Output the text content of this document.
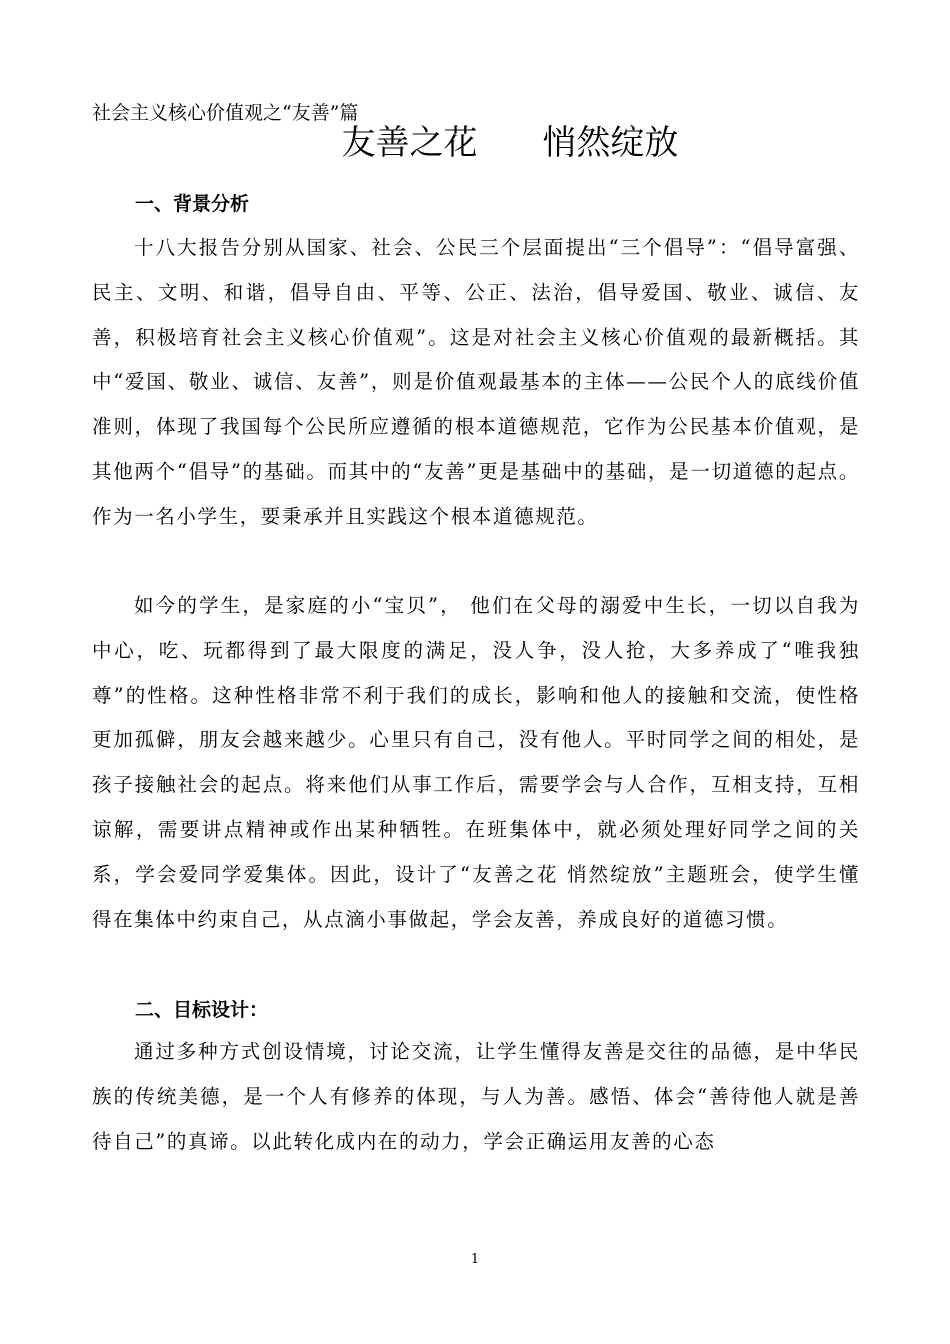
社会主义核心价值观之“友善”篇
友善之花      悄然绽放
一、背景分析

十八大报告分别从国家、社会、公民三个层面提出“三个倡导”：“倡导富强、民主、文明、和谐，倡导自由、平等、公正、法治，倡导爱国、敬业、诚信、友善，积极培育社会主义核心价值观”。这是对社会主义核心价值观的最新概括。其中“爱国、敬业、诚信、友善”，则是价值观最基本的主体——公民个人的底线价值准则，体现了我国每个公民所应遵循的根本道德规范，它作为公民基本价值观，是其他两个“倡导”的基础。而其中的“友善”更是基础中的基础，是一切道德的起点。作为一名小学生，要秉承并且实践这个根本道德规范。

如今的学生，是家庭的小“宝贝”， 他们在父母的溺爱中生长，一切以自我为中心，吃、玩都得到了最大限度的满足，没人争，没人抢，大多养成了“唯我独尊”的性格。这种性格非常不利于我们的成长，影响和他人的接触和交流，使性格更加孤僻，朋友会越来越少。心里只有自己，没有他人。平时同学之间的相处，是孩子接触社会的起点。将来他们从事工作后，需要学会与人合作，互相支持，互相谅解，需要讲点精神或作出某种牺牲。在班集体中，就必须处理好同学之间的关系，学会爱同学爱集体。因此，设计了“友善之花 悄然绽放”主题班会，使学生懂得在集体中约束自己，从点滴小事做起，学会友善，养成良好的道德习惯。

二、目标设计：

通过多种方式创设情境，讨论交流，让学生懂得友善是交往的品德，是中华民族的传统美德，是一个人有修养的体现，与人为善。感悟、体会“善待他人就是善待自己”的真谛。以此转化成内在的动力，学会正确运用友善的心态

1
